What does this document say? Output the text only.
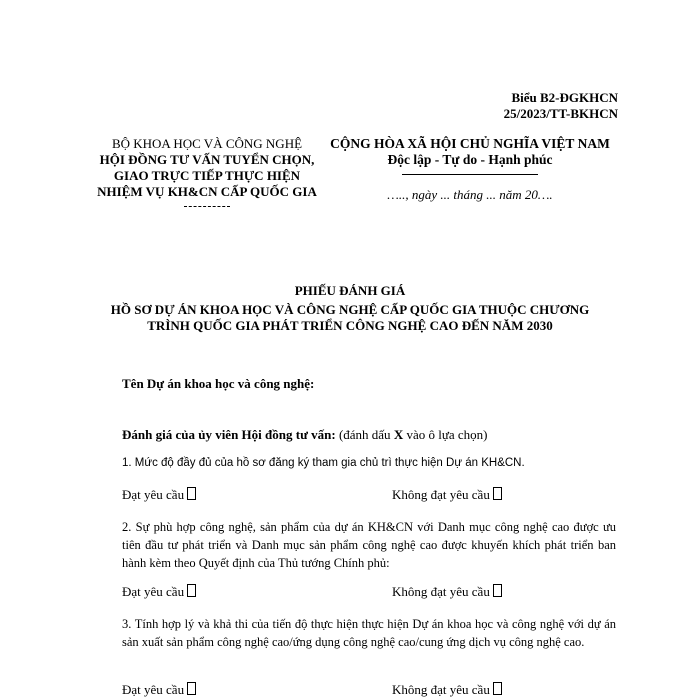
Biểu B2-ĐGKHCN
25/2023/TT-BKHCN
BỘ KHOA HỌC VÀ CÔNG NGHỆ
HỘI ĐỒNG TƯ VẤN TUYỂN CHỌN, GIAO TRỰC TIẾP THỰC HIỆN NHIỆM VỤ KH&CN CẤP QUỐC GIA
CỘNG HÒA XÃ HỘI CHỦ NGHĨA VIỆT NAM
Độc lập - Tự do - Hạnh phúc
….., ngày ... tháng ... năm 20….
PHIẾU ĐÁNH GIÁ
HỒ SƠ DỰ ÁN KHOA HỌC VÀ CÔNG NGHỆ CẤP QUỐC GIA THUỘC CHƯƠNG TRÌNH QUỐC GIA PHÁT TRIỂN CÔNG NGHỆ CAO ĐẾN NĂM 2030
Tên Dự án khoa học và công nghệ:
Đánh giá của ủy viên Hội đồng tư vấn: (đánh dấu X vào ô lựa chọn)
1. Mức độ đầy đủ của hồ sơ đăng ký tham gia chủ trì thực hiện Dự án KH&CN.
Đạt yêu cầu	Không đạt yêu cầu
2. Sự phù hợp công nghệ, sản phẩm của dự án KH&CN với Danh mục công nghệ cao được ưu tiên đầu tư phát triển và Danh mục sản phẩm công nghệ cao được khuyến khích phát triển ban hành kèm theo Quyết định của Thủ tướng Chính phủ:
Đạt yêu cầu	Không đạt yêu cầu
3. Tính hợp lý và khả thi của tiến độ thực hiện thực hiện Dự án khoa học và công nghệ với dự án sản xuất sản phẩm công nghệ cao/ứng dụng công nghệ cao/cung ứng dịch vụ công nghệ cao.
Đạt yêu cầu	Không đạt yêu cầu
